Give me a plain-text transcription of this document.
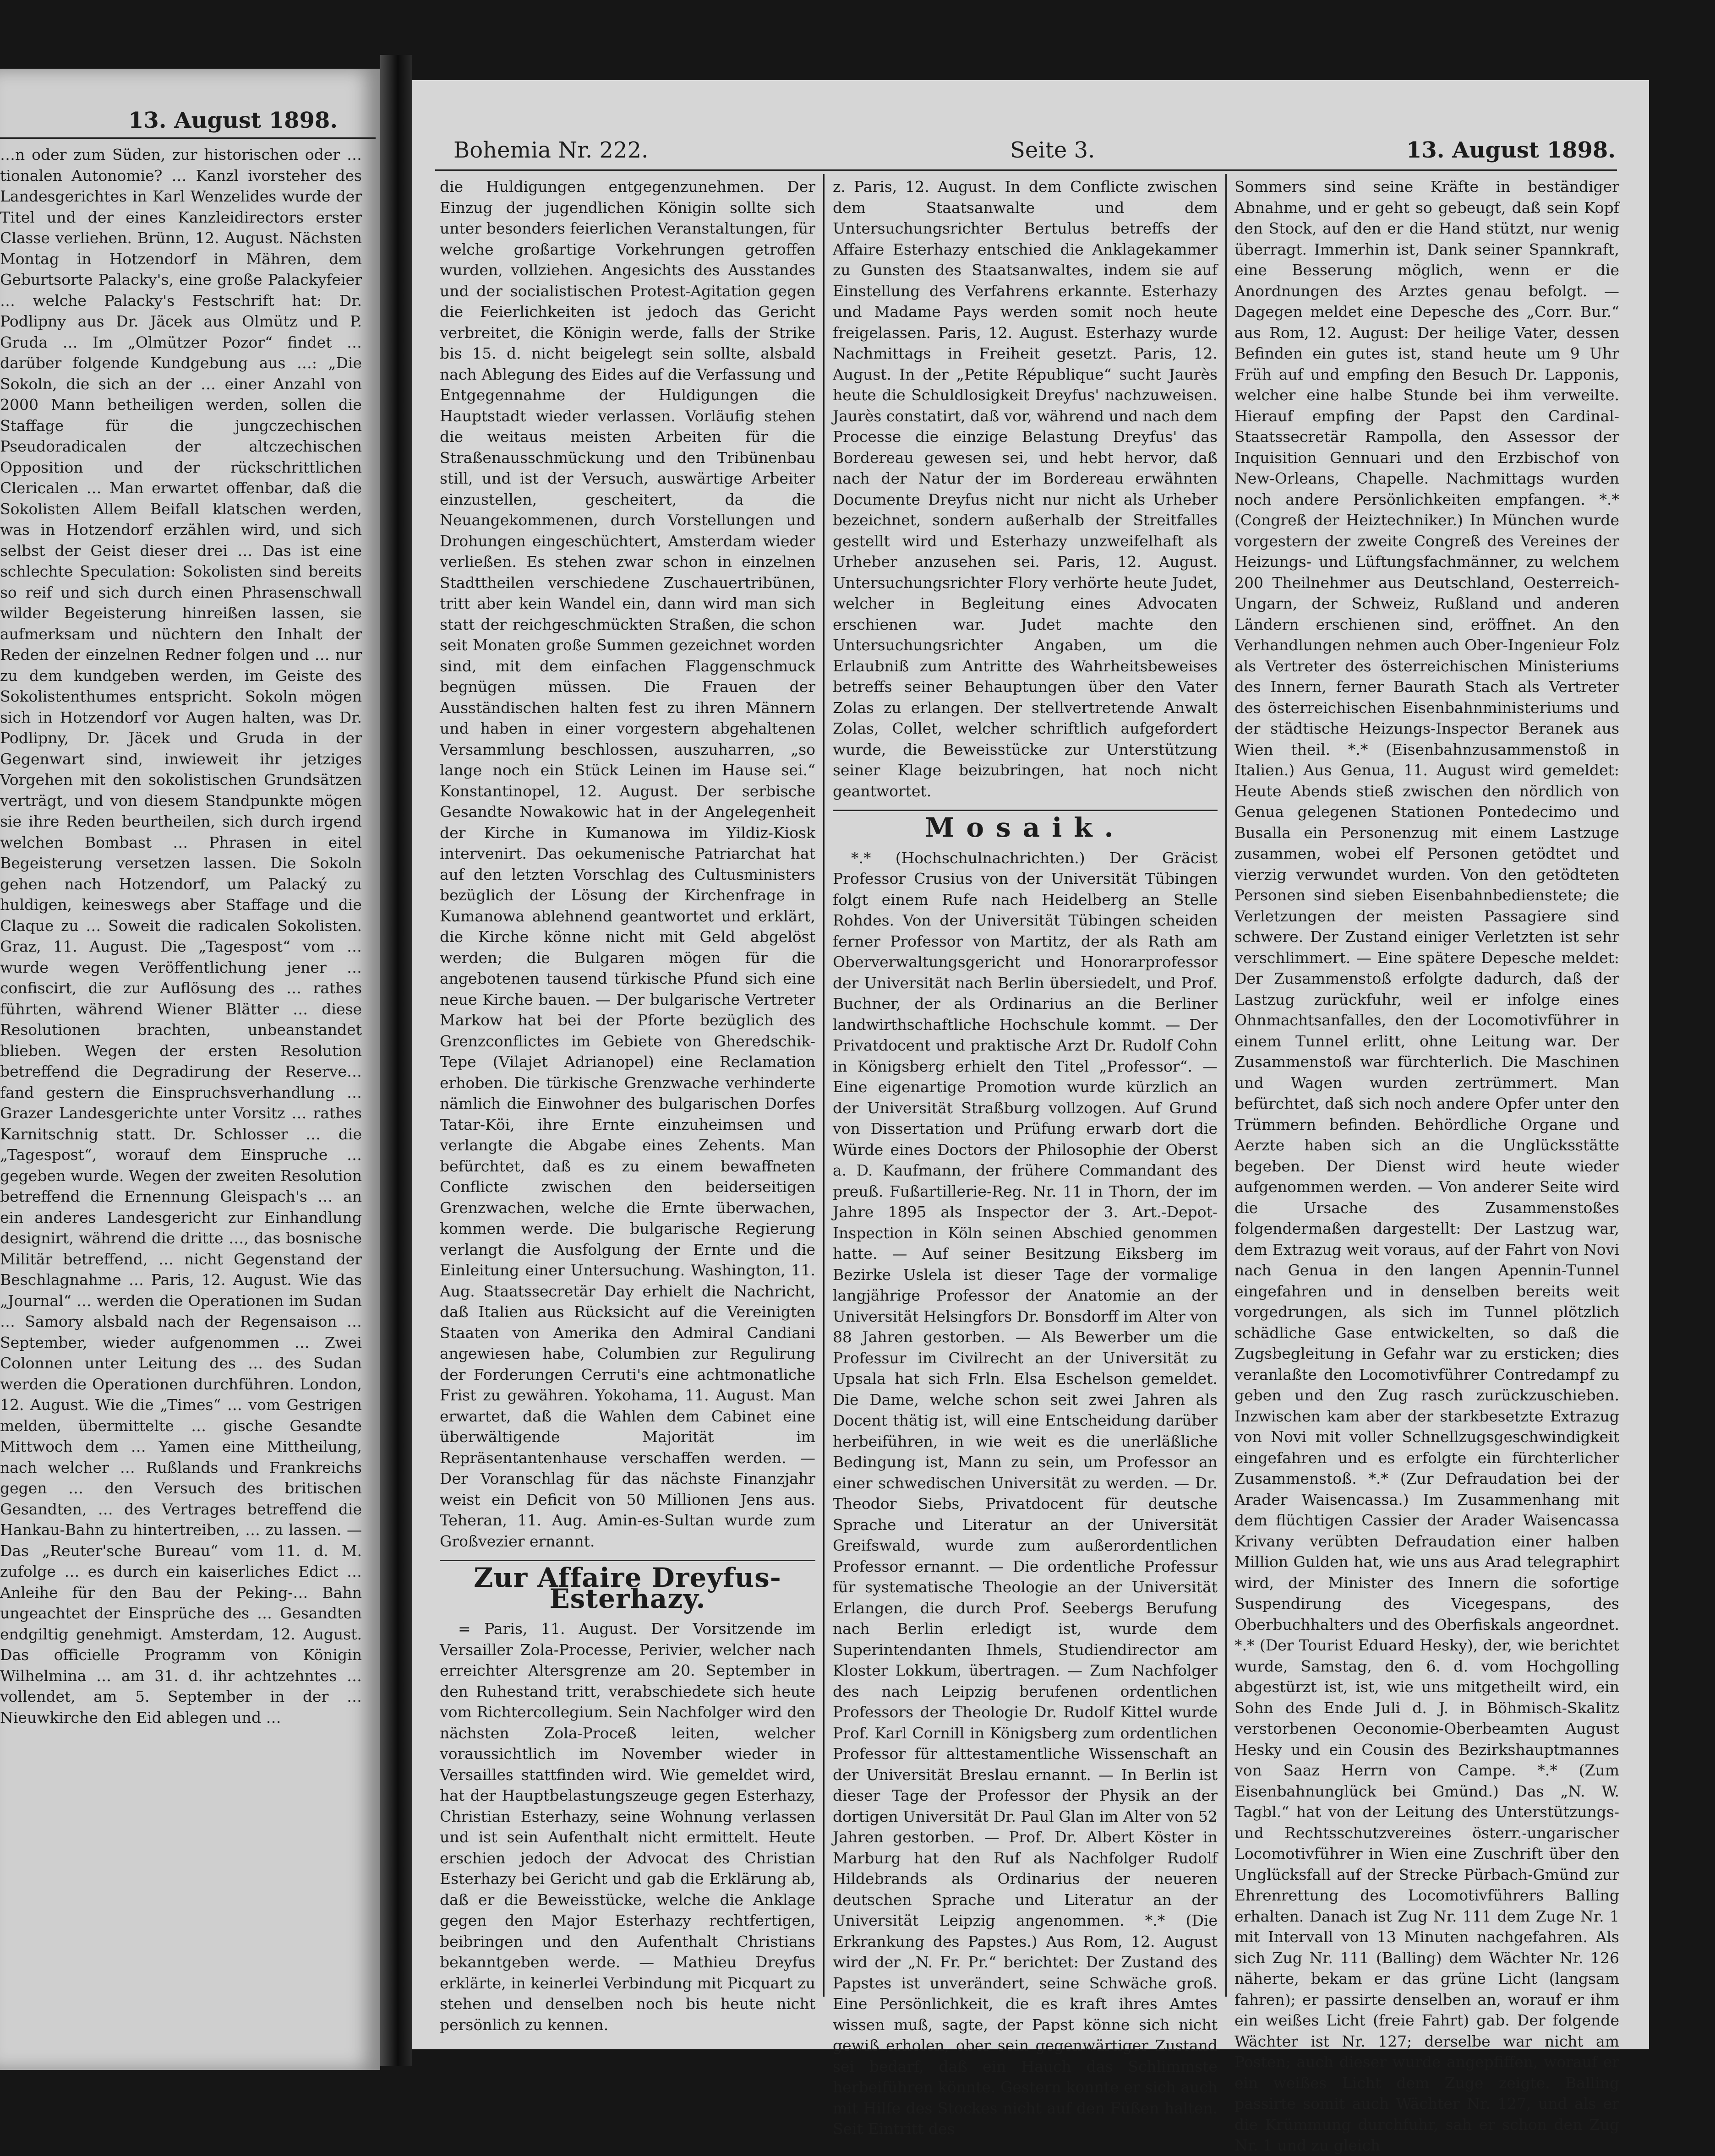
13. August 1898.

…n oder zum Süden, zur historischen oder …tionalen Autonomie? … Kanzl ivorsteher des Landesgerichtes in Karl Wenzelides wurde der Titel und der eines Kanzleidirectors erster Classe verliehen. Brünn, 12. August. Nächsten Montag in Hotzendorf in Mähren, dem Geburtsorte Palacky's, eine große Palackyfeier … welche Palacky's Festschrift hat: Dr. Podlipny aus Dr. Jäcek aus Olmütz und P. Gruda … Im „Olmützer Pozor“ findet … darüber folgende Kundgebung aus …: „Die Sokoln, die sich an der … einer Anzahl von 2000 Mann betheiligen werden, sollen die Staffage für die jungczechischen Pseudoradicalen der altczechischen Opposition und der rückschrittlichen Clericalen … Man erwartet offenbar, daß die Sokolisten Allem Beifall klatschen werden, was in Hotzendorf erzählen wird, und sich selbst der Geist dieser drei … Das ist eine schlechte Speculation: Sokolisten sind bereits so reif und sich durch einen Phrasenschwall wilder Begeisterung hinreißen lassen, sie aufmerksam und nüchtern den Inhalt der Reden der einzelnen Redner folgen und … nur zu dem kundgeben werden, im Geiste des Sokolistenthumes entspricht. Sokoln mögen sich in Hotzendorf vor Augen halten, was Dr. Podlipny, Dr. Jäcek und Gruda in der Gegenwart sind, inwieweit ihr jetziges Vorgehen mit den sokolistischen Grundsätzen verträgt, und von diesem Standpunkte mögen sie ihre Reden beurtheilen, sich durch irgend welchen Bombast … Phrasen in eitel Begeisterung versetzen lassen. Die Sokoln gehen nach Hotzendorf, um Palacký zu huldigen, keineswegs aber Staffage und die Claque zu … Soweit die radicalen Sokolisten. Graz, 11. August. Die „Tagespost“ vom … wurde wegen Veröffentlichung jener … confiscirt, die zur Auflösung des … rathes führten, während Wiener Blätter … diese Resolutionen brachten, unbeanstandet blieben. Wegen der ersten Resolution betreffend die Degradirung der Reserve… fand gestern die Einspruchsverhandlung … Grazer Landesgerichte unter Vorsitz … rathes Karnitschnig statt. Dr. Schlosser … die „Tagespost“, worauf dem Einspruche … gegeben wurde. Wegen der zweiten Resolution betreffend die Ernennung Gleispach's … an ein anderes Landesgericht zur Einhandlung designirt, während die dritte …, das bosnische Militär betreffend, … nicht Gegenstand der Beschlagnahme … Paris, 12. August. Wie das „Journal“ … werden die Operationen im Sudan … Samory alsbald nach der Regensaison … September, wieder aufgenommen … Zwei Colonnen unter Leitung des … des Sudan werden die Operationen durchführen. London, 12. August. Wie die „Times“ … vom Gestrigen melden, übermittelte … gische Gesandte Mittwoch dem … Yamen eine Mittheilung, nach welcher … Rußlands und Frankreichs gegen … den Versuch des britischen Gesandten, … des Vertrages betreffend die Hankau-Bahn zu hintertreiben, … zu lassen. — Das „Reuter'sche Bureau“ vom 11. d. M. zufolge … es durch ein kaiserliches Edict … Anleihe für den Bau der Peking-… Bahn ungeachtet der Einsprüche des … Gesandten endgiltig genehmigt. Amsterdam, 12. August. Das officielle Programm von Königin Wilhelmina … am 31. d. ihr achtzehntes … vollendet, am 5. September in der … Nieuwkirche den Eid ablegen und …

Bohemia Nr. 222.	Seite 3.	13. August 1898.

die Huldigungen entgegenzunehmen. Der Einzug der jugendlichen Königin sollte sich unter besonders feierlichen Veranstaltungen, für welche großartige Vorkehrungen getroffen wurden, vollziehen. Angesichts des Ausstandes und der socialistischen Protest-Agitation gegen die Feierlichkeiten ist jedoch das Gericht verbreitet, die Königin werde, falls der Strike bis 15. d. nicht beigelegt sein sollte, alsbald nach Ablegung des Eides auf die Verfassung und Entgegennahme der Huldigungen die Hauptstadt wieder verlassen. Vorläufig stehen die weitaus meisten Arbeiten für die Straßenausschmückung und den Tribünenbau still, und ist der Versuch, auswärtige Arbeiter einzustellen, gescheitert, da die Neuangekommenen, durch Vorstellungen und Drohungen eingeschüchtert, Amsterdam wieder verließen. Es stehen zwar schon in einzelnen Stadttheilen verschiedene Zuschauertribünen, tritt aber kein Wandel ein, dann wird man sich statt der reichgeschmückten Straßen, die schon seit Monaten große Summen gezeichnet worden sind, mit dem einfachen Flaggenschmuck begnügen müssen. Die Frauen der Ausständischen halten fest zu ihren Männern und haben in einer vorgestern abgehaltenen Versammlung beschlossen, auszuharren, „so lange noch ein Stück Leinen im Hause sei.“ Konstantinopel, 12. August. Der serbische Gesandte Nowakowic hat in der Angelegenheit der Kirche in Kumanowa im Yildiz-Kiosk intervenirt. Das oekumenische Patriarchat hat auf den letzten Vorschlag des Cultusministers bezüglich der Lösung der Kirchenfrage in Kumanowa ablehnend geantwortet und erklärt, die Kirche könne nicht mit Geld abgelöst werden; die Bulgaren mögen für die angebotenen tausend türkische Pfund sich eine neue Kirche bauen. — Der bulgarische Vertreter Markow hat bei der Pforte bezüglich des Grenzconflictes im Gebiete von Gheredschik-Tepe (Vilajet Adrianopel) eine Reclamation erhoben. Die türkische Grenzwache verhinderte nämlich die Einwohner des bulgarischen Dorfes Tatar-Köi, ihre Ernte einzuheimsen und verlangte die Abgabe eines Zehents. Man befürchtet, daß es zu einem bewaffneten Conflicte zwischen den beiderseitigen Grenzwachen, welche die Ernte überwachen, kommen werde. Die bulgarische Regierung verlangt die Ausfolgung der Ernte und die Einleitung einer Untersuchung. Washington, 11. Aug. Staatssecretär Day erhielt die Nachricht, daß Italien aus Rücksicht auf die Vereinigten Staaten von Amerika den Admiral Candiani angewiesen habe, Columbien zur Regulirung der Forderungen Cerruti's eine achtmonatliche Frist zu gewähren. Yokohama, 11. August. Man erwartet, daß die Wahlen dem Cabinet eine überwältigende Majorität im Repräsentantenhause verschaffen werden. — Der Voranschlag für das nächste Finanzjahr weist ein Deficit von 50 Millionen Jens aus. Teheran, 11. Aug. Amin-es-Sultan wurde zum Großvezier ernannt.

Zur Affaire Dreyfus-Esterhazy.

= Paris, 11. August. Der Vorsitzende im Versailler Zola-Processe, Perivier, welcher nach erreichter Altersgrenze am 20. September in den Ruhestand tritt, verabschiedete sich heute vom Richtercollegium. Sein Nachfolger wird den nächsten Zola-Proceß leiten, welcher voraussichtlich im November wieder in Versailles stattfinden wird. Wie gemeldet wird, hat der Hauptbelastungszeuge gegen Esterhazy, Christian Esterhazy, seine Wohnung verlassen und ist sein Aufenthalt nicht ermittelt. Heute erschien jedoch der Advocat des Christian Esterhazy bei Gericht und gab die Erklärung ab, daß er die Beweisstücke, welche die Anklage gegen den Major Esterhazy rechtfertigen, beibringen und den Aufenthalt Christians bekanntgeben werde. — Mathieu Dreyfus erklärte, in keinerlei Verbindung mit Picquart zu stehen und denselben noch bis heute nicht persönlich zu kennen.

z. Paris, 12. August. In dem Conflicte zwischen dem Staatsanwalte und dem Untersuchungsrichter Bertulus betreffs der Affaire Esterhazy entschied die Anklagekammer zu Gunsten des Staatsanwaltes, indem sie auf Einstellung des Verfahrens erkannte. Esterhazy und Madame Pays werden somit noch heute freigelassen. Paris, 12. August. Esterhazy wurde Nachmittags in Freiheit gesetzt. Paris, 12. August. In der „Petite République“ sucht Jaurès heute die Schuldlosigkeit Dreyfus' nachzuweisen. Jaurès constatirt, daß vor, während und nach dem Processe die einzige Belastung Dreyfus' das Bordereau gewesen sei, und hebt hervor, daß nach der Natur der im Bordereau erwähnten Documente Dreyfus nicht nur nicht als Urheber bezeichnet, sondern außerhalb der Streitfalles gestellt wird und Esterhazy unzweifelhaft als Urheber anzusehen sei. Paris, 12. August. Untersuchungsrichter Flory verhörte heute Judet, welcher in Begleitung eines Advocaten erschienen war. Judet machte den Untersuchungsrichter Angaben, um die Erlaubniß zum Antritte des Wahrheitsbeweises betreffs seiner Behauptungen über den Vater Zolas zu erlangen. Der stellvertretende Anwalt Zolas, Collet, welcher schriftlich aufgefordert wurde, die Beweisstücke zur Unterstützung seiner Klage beizubringen, hat noch nicht geantwortet.

Mosaik.

*.* (Hochschulnachrichten.) Der Gräcist Professor Crusius von der Universität Tübingen folgt einem Rufe nach Heidelberg an Stelle Rohdes. Von der Universität Tübingen scheiden ferner Professor von Martitz, der als Rath am Oberverwaltungsgericht und Honorarprofessor der Universität nach Berlin übersiedelt, und Prof. Buchner, der als Ordinarius an die Berliner landwirthschaftliche Hochschule kommt. — Der Privatdocent und praktische Arzt Dr. Rudolf Cohn in Königsberg erhielt den Titel „Professor“. — Eine eigenartige Promotion wurde kürzlich an der Universität Straßburg vollzogen. Auf Grund von Dissertation und Prüfung erwarb dort die Würde eines Doctors der Philosophie der Oberst a. D. Kaufmann, der frühere Commandant des preuß. Fußartillerie-Reg. Nr. 11 in Thorn, der im Jahre 1895 als Inspector der 3. Art.-Depot-Inspection in Köln seinen Abschied genommen hatte. — Auf seiner Besitzung Eiksberg im Bezirke Uslela ist dieser Tage der vormalige langjährige Professor der Anatomie an der Universität Helsingfors Dr. Bonsdorff im Alter von 88 Jahren gestorben. — Als Bewerber um die Professur im Civilrecht an der Universität zu Upsala hat sich Frln. Elsa Eschelson gemeldet. Die Dame, welche schon seit zwei Jahren als Docent thätig ist, will eine Entscheidung darüber herbeiführen, in wie weit es die unerläßliche Bedingung ist, Mann zu sein, um Professor an einer schwedischen Universität zu werden. — Dr. Theodor Siebs, Privatdocent für deutsche Sprache und Literatur an der Universität Greifswald, wurde zum außerordentlichen Professor ernannt. — Die ordentliche Professur für systematische Theologie an der Universität Erlangen, die durch Prof. Seebergs Berufung nach Berlin erledigt ist, wurde dem Superintendanten Ihmels, Studiendirector am Kloster Lokkum, übertragen. — Zum Nachfolger des nach Leipzig berufenen ordentlichen Professors der Theologie Dr. Rudolf Kittel wurde Prof. Karl Cornill in Königsberg zum ordentlichen Professor für alttestamentliche Wissenschaft an der Universität Breslau ernannt. — In Berlin ist dieser Tage der Professor der Physik an der dortigen Universität Dr. Paul Glan im Alter von 52 Jahren gestorben. — Prof. Dr. Albert Köster in Marburg hat den Ruf als Nachfolger Rudolf Hildebrands als Ordinarius der neueren deutschen Sprache und Literatur an der Universität Leipzig angenommen. *.* (Die Erkrankung des Papstes.) Aus Rom, 12. August wird der „N. Fr. Pr.“ berichtet: Der Zustand des Papstes ist unverändert, seine Schwäche groß. Eine Persönlichkeit, die es kraft ihres Amtes wissen muß, sagte, der Papst könne sich nicht gewiß erholen, ober sein gegenwärtiger Zustand sei bedarf, daß ein Hauch das Schlimmste herbeiführen könnte. Gestern konnte er sich auch mit Hilfe des Stockes nicht auf den Füßen halten. Seit Eintritt des

Sommers sind seine Kräfte in beständiger Abnahme, und er geht so gebeugt, daß sein Kopf den Stock, auf den er die Hand stützt, nur wenig überragt. Immerhin ist, Dank seiner Spannkraft, eine Besserung möglich, wenn er die Anordnungen des Arztes genau befolgt. — Dagegen meldet eine Depesche des „Corr. Bur.“ aus Rom, 12. August: Der heilige Vater, dessen Befinden ein gutes ist, stand heute um 9 Uhr Früh auf und empfing den Besuch Dr. Lapponis, welcher eine halbe Stunde bei ihm verweilte. Hierauf empfing der Papst den Cardinal-Staatssecretär Rampolla, den Assessor der Inquisition Gennuari und den Erzbischof von New-Orleans, Chapelle. Nachmittags wurden noch andere Persönlichkeiten empfangen. *.* (Congreß der Heiztechniker.) In München wurde vorgestern der zweite Congreß des Vereines der Heizungs- und Lüftungsfachmänner, zu welchem 200 Theilnehmer aus Deutschland, Oesterreich-Ungarn, der Schweiz, Rußland und anderen Ländern erschienen sind, eröffnet. An den Verhandlungen nehmen auch Ober-Ingenieur Folz als Vertreter des österreichischen Ministeriums des Innern, ferner Baurath Stach als Vertreter des österreichischen Eisenbahnministeriums und der städtische Heizungs-Inspector Beranek aus Wien theil. *.* (Eisenbahnzusammenstoß in Italien.) Aus Genua, 11. August wird gemeldet: Heute Abends stieß zwischen den nördlich von Genua gelegenen Stationen Pontedecimo und Busalla ein Personenzug mit einem Lastzuge zusammen, wobei elf Personen getödtet und vierzig verwundet wurden. Von den getödteten Personen sind sieben Eisenbahnbedienstete; die Verletzungen der meisten Passagiere sind schwere. Der Zustand einiger Verletzten ist sehr verschlimmert. — Eine spätere Depesche meldet: Der Zusammenstoß erfolgte dadurch, daß der Lastzug zurückfuhr, weil er infolge eines Ohnmachtsanfalles, den der Locomotivführer in einem Tunnel erlitt, ohne Leitung war. Der Zusammenstoß war fürchterlich. Die Maschinen und Wagen wurden zertrümmert. Man befürchtet, daß sich noch andere Opfer unter den Trümmern befinden. Behördliche Organe und Aerzte haben sich an die Unglücksstätte begeben. Der Dienst wird heute wieder aufgenommen werden. — Von anderer Seite wird die Ursache des Zusammenstoßes folgendermaßen dargestellt: Der Lastzug war, dem Extrazug weit voraus, auf der Fahrt von Novi nach Genua in den langen Apennin-Tunnel eingefahren und in denselben bereits weit vorgedrungen, als sich im Tunnel plötzlich schädliche Gase entwickelten, so daß die Zugsbegleitung in Gefahr war zu ersticken; dies veranlaßte den Locomotivführer Contredampf zu geben und den Zug rasch zurückzuschieben. Inzwischen kam aber der starkbesetzte Extrazug von Novi mit voller Schnellzugsgeschwindigkeit eingefahren und es erfolgte ein fürchterlicher Zusammenstoß. *.* (Zur Defraudation bei der Arader Waisencassa.) Im Zusammenhang mit dem flüchtigen Cassier der Arader Waisencassa Krivany verübten Defraudation einer halben Million Gulden hat, wie uns aus Arad telegraphirt wird, der Minister des Innern die sofortige Suspendirung des Vicegespans, des Oberbuchhalters und des Oberfiskals angeordnet. *.* (Der Tourist Eduard Hesky), der, wie berichtet wurde, Samstag, den 6. d. vom Hochgolling abgestürzt ist, ist, wie uns mitgetheilt wird, ein Sohn des Ende Juli d. J. in Böhmisch-Skalitz verstorbenen Oeconomie-Oberbeamten August Hesky und ein Cousin des Bezirkshauptmannes von Saaz Herrn von Campe. *.* (Zum Eisenbahnunglück bei Gmünd.) Das „N. W. Tagbl.“ hat von der Leitung des Unterstützungs- und Rechtsschutzvereines österr.-ungarischer Locomotivführer in Wien eine Zuschrift über den Unglücksfall auf der Strecke Pürbach-Gmünd zur Ehrenrettung des Locomotivführers Balling erhalten. Danach ist Zug Nr. 111 dem Zuge Nr. 1 mit Intervall von 13 Minuten nachgefahren. Als sich Zug Nr. 111 (Balling) dem Wächter Nr. 126 näherte, bekam er das grüne Licht (langsam fahren); er passirte denselben an, worauf er ihm ein weißes Licht (freie Fahrt) gab. Der folgende Wächter ist Nr. 127; derselbe war nicht am Posten; auch dieser wurde angepfiffen, worauf er ein weißes Licht dem Zuge zeigte. Balling passirte somit auch Wächter Nr. 127, und als er die Krümmung durchfuhr, sah er schon den Zug Nr. 1 und zu gleich
